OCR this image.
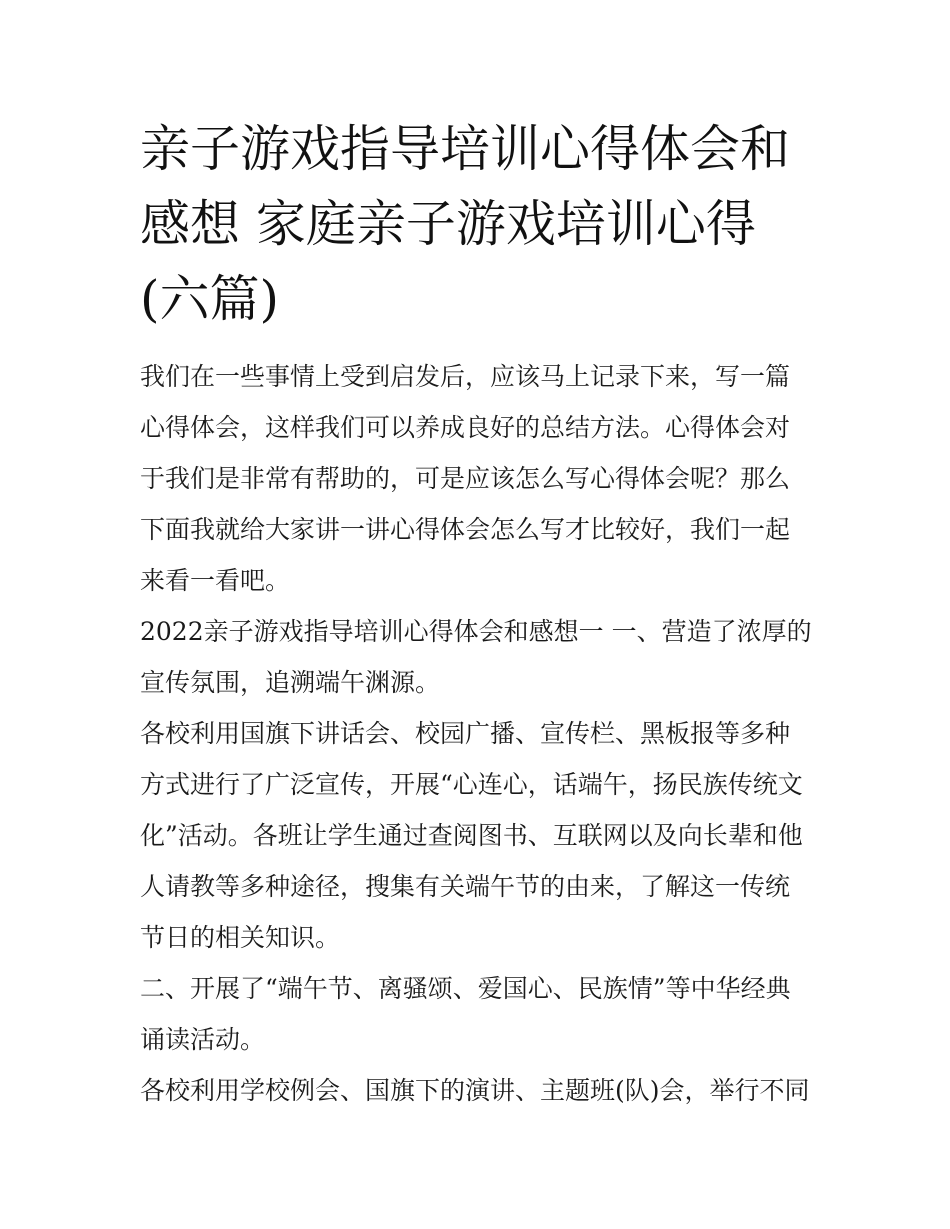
亲子游戏指导培训心得体会和感想 家庭亲子游戏培训心得(六篇)

我们在一些事情上受到启发后，应该马上记录下来，写一篇心得体会，这样我们可以养成良好的总结方法。心得体会对于我们是非常有帮助的，可是应该怎么写心得体会呢？那么下面我就给大家讲一讲心得体会怎么写才比较好，我们一起来看一看吧。

2022亲子游戏指导培训心得体会和感想一 一、营造了浓厚的宣传氛围，追溯端午渊源。

各校利用国旗下讲话会、校园广播、宣传栏、黑板报等多种方式进行了广泛宣传，开展“心连心，话端午，扬民族传统文化”活动。各班让学生通过查阅图书、互联网以及向长辈和他人请教等多种途径，搜集有关端午节的由来，了解这一传统节日的相关知识。

二、开展了“端午节、离骚颂、爱国心、民族情”等中华经典诵读活动。

各校利用学校例会、国旗下的演讲、主题班(队)会，举行不同
